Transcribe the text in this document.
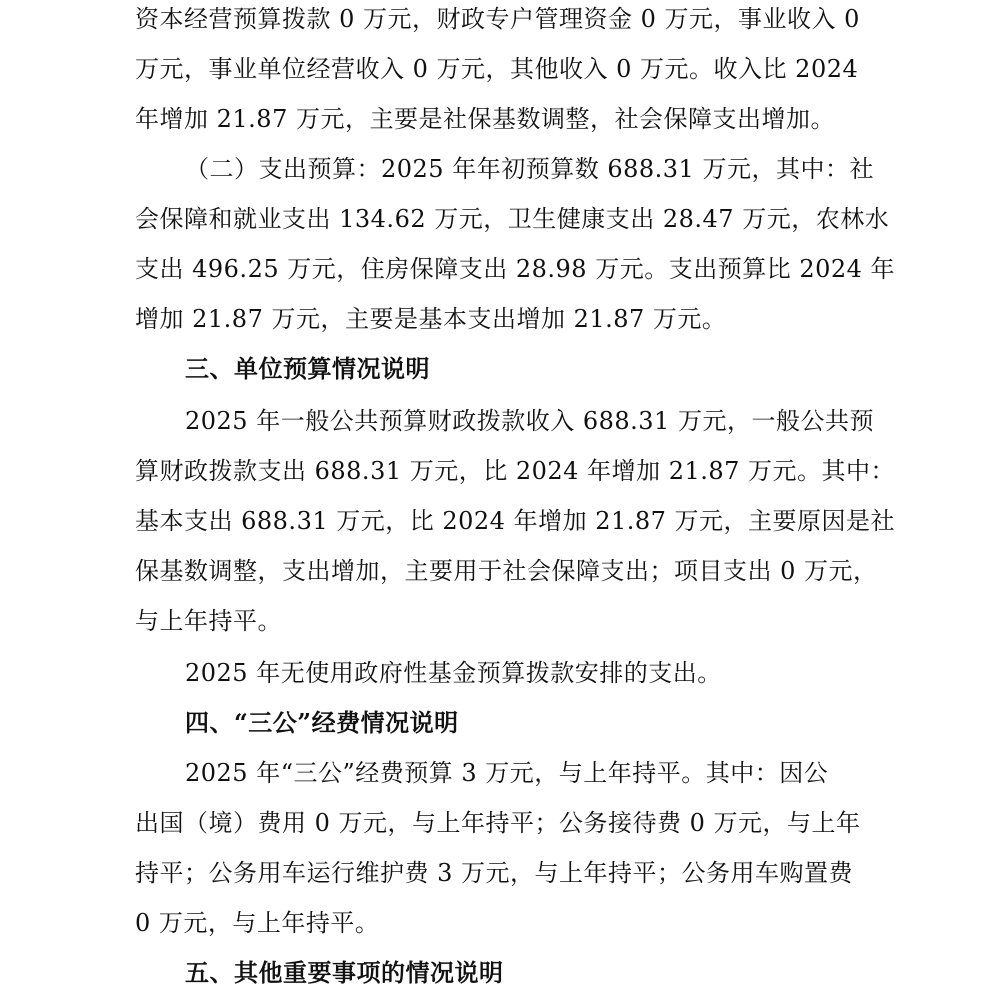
资本经营预算拨款 0 万元，财政专户管理资金 0 万元，事业收入 0
万元，事业单位经营收入 0 万元，其他收入 0 万元。收入比 2024
年增加 21.87 万元，主要是社保基数调整，社会保障支出增加。
（二）支出预算：2025 年年初预算数 688.31 万元，其中：社
会保障和就业支出 134.62 万元，卫生健康支出 28.47 万元，农林水
支出 496.25 万元，住房保障支出 28.98 万元。支出预算比 2024 年
增加 21.87 万元，主要是基本支出增加 21.87 万元。
三、单位预算情况说明
2025 年一般公共预算财政拨款收入 688.31 万元，一般公共预
算财政拨款支出 688.31 万元，比 2024 年增加 21.87 万元。其中：
基本支出 688.31 万元，比 2024 年增加 21.87 万元，主要原因是社
保基数调整，支出增加，主要用于社会保障支出；项目支出 0 万元，
与上年持平。
2025 年无使用政府性基金预算拨款安排的支出。
四、“三公”经费情况说明
2025 年“三公”经费预算 3 万元，与上年持平。其中：因公
出国（境）费用 0 万元，与上年持平；公务接待费 0 万元，与上年
持平；公务用车运行维护费 3 万元，与上年持平；公务用车购置费
0 万元，与上年持平。
五、其他重要事项的情况说明
